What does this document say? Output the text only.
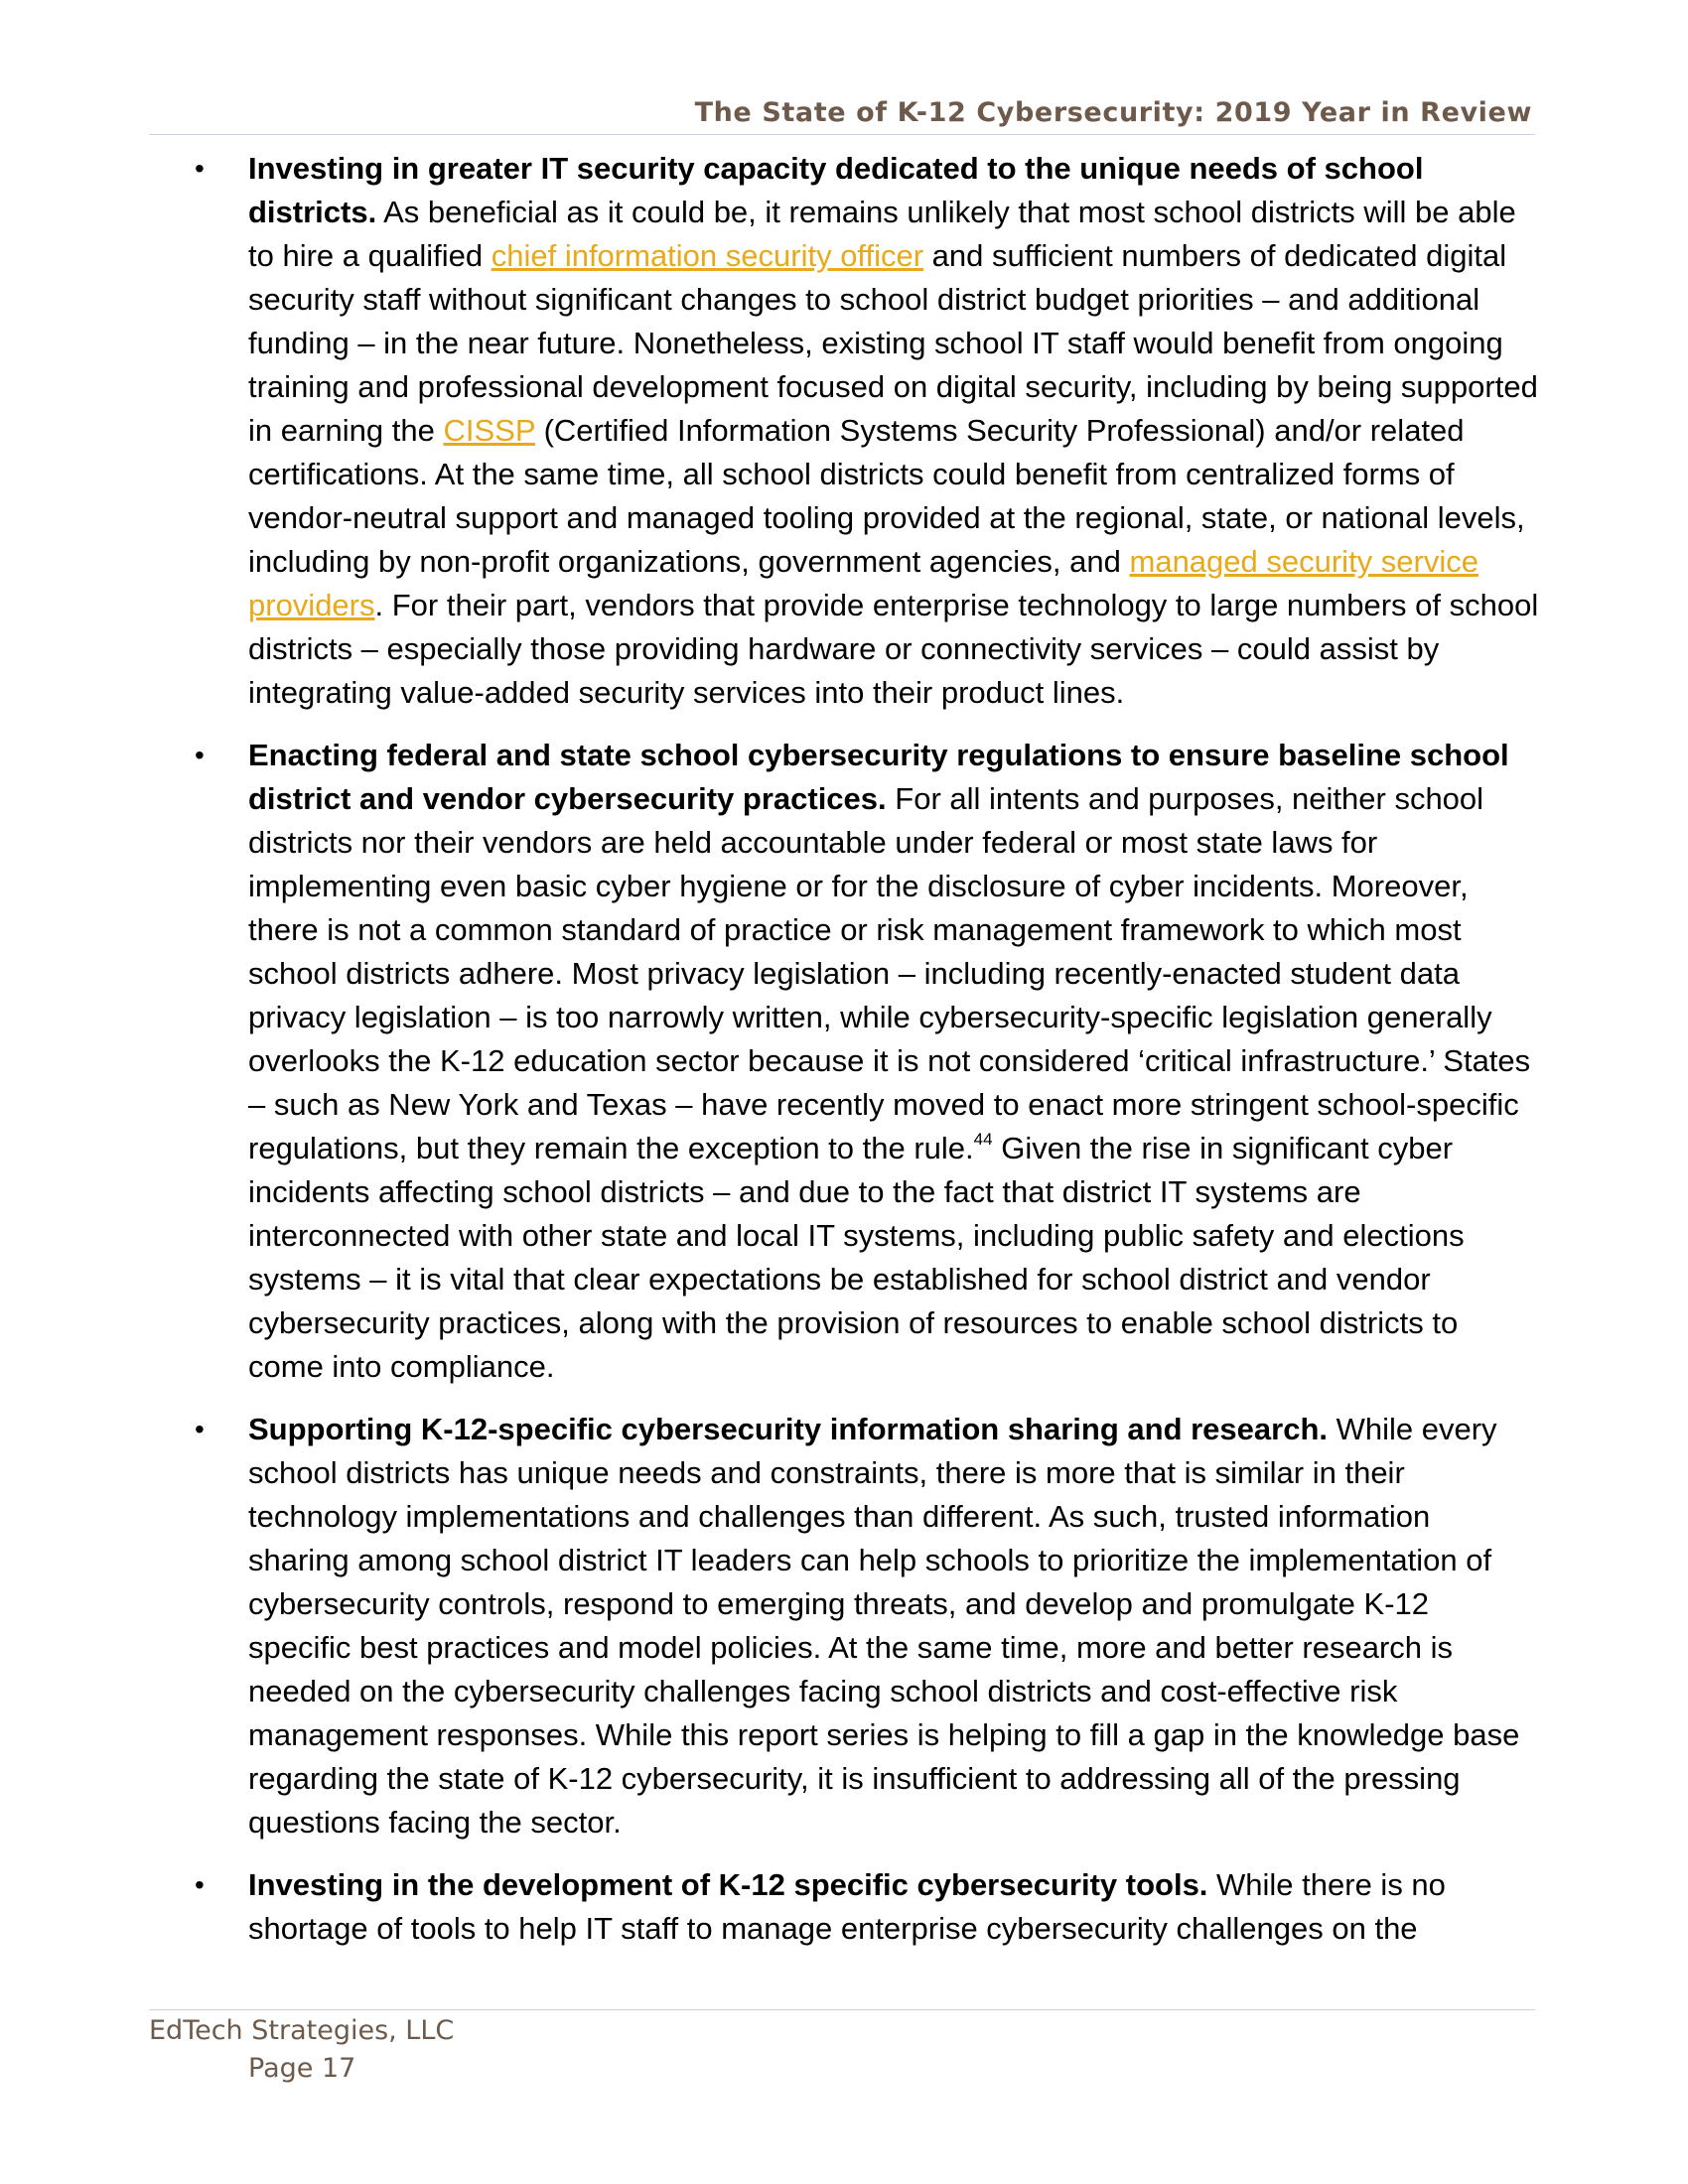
The State of K-12 Cybersecurity: 2019 Year in Review
• Investing in greater IT security capacity dedicated to the unique needs of school districts. As beneficial as it could be, it remains unlikely that most school districts will be able to hire a qualified chief information security officer and sufficient numbers of dedicated digital security staff without significant changes to school district budget priorities – and additional funding – in the near future. Nonetheless, existing school IT staff would benefit from ongoing training and professional development focused on digital security, including by being supported in earning the CISSP (Certified Information Systems Security Professional) and/or related certifications. At the same time, all school districts could benefit from centralized forms of vendor-neutral support and managed tooling provided at the regional, state, or national levels, including by non-profit organizations, government agencies, and managed security service providers. For their part, vendors that provide enterprise technology to large numbers of school districts – especially those providing hardware or connectivity services – could assist by integrating value-added security services into their product lines.
• Enacting federal and state school cybersecurity regulations to ensure baseline school district and vendor cybersecurity practices. For all intents and purposes, neither school districts nor their vendors are held accountable under federal or most state laws for implementing even basic cyber hygiene or for the disclosure of cyber incidents. Moreover, there is not a common standard of practice or risk management framework to which most school districts adhere. Most privacy legislation – including recently-enacted student data privacy legislation – is too narrowly written, while cybersecurity-specific legislation generally overlooks the K-12 education sector because it is not considered ‘critical infrastructure.’ States – such as New York and Texas – have recently moved to enact more stringent school-specific regulations, but they remain the exception to the rule.$^{44}$ Given the rise in significant cyber incidents affecting school districts – and due to the fact that district IT systems are interconnected with other state and local IT systems, including public safety and elections systems – it is vital that clear expectations be established for school district and vendor cybersecurity practices, along with the provision of resources to enable school districts to come into compliance.
• Supporting K-12-specific cybersecurity information sharing and research. While every school districts has unique needs and constraints, there is more that is similar in their technology implementations and challenges than different. As such, trusted information sharing among school district IT leaders can help schools to prioritize the implementation of cybersecurity controls, respond to emerging threats, and develop and promulgate K-12 specific best practices and model policies. At the same time, more and better research is needed on the cybersecurity challenges facing school districts and cost-effective risk management responses. While this report series is helping to fill a gap in the knowledge base regarding the state of K-12 cybersecurity, it is insufficient to addressing all of the pressing questions facing the sector.
• Investing in the development of K-12 specific cybersecurity tools. While there is no shortage of tools to help IT staff to manage enterprise cybersecurity challenges on the
EdTech Strategies, LLC
Page 17
